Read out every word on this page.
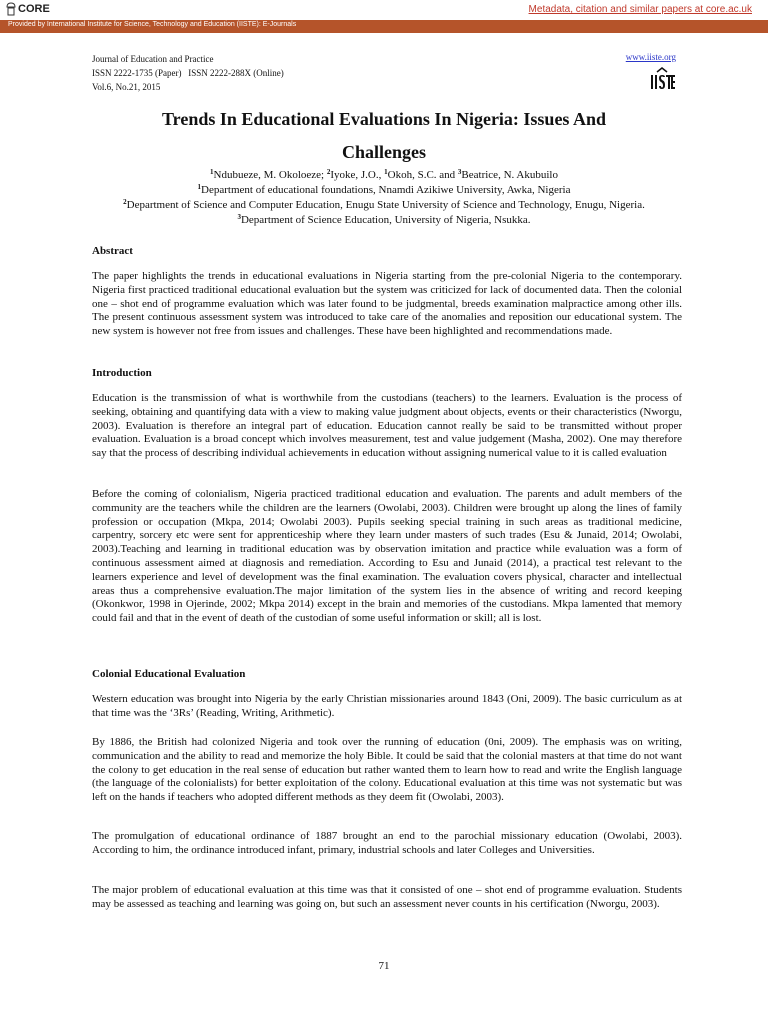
CORE	Metadata, citation and similar papers at core.ac.uk
Provided by International Institute for Science, Technology and Education (IISTE): E-Journals
Journal of Education and Practice
ISSN 2222-1735 (Paper)   ISSN 2222-288X (Online)
Vol.6, No.21, 2015
www.iiste.org
Trends In Educational Evaluations In Nigeria: Issues And
Challenges
$^1$Ndubueze, M. Okoloeze; $^2$Iyoke, J.O., $^1$Okoh, S.C. and $^3$Beatrice, N. Akubuilo
$^1$Department of educational foundations, Nnamdi Azikiwe University, Awka, Nigeria
$^2$Department of Science and Computer Education, Enugu State University of Science and Technology, Enugu, Nigeria.
$^3$Department of Science Education, University of Nigeria, Nsukka.
Abstract
The paper highlights the trends in educational evaluations in Nigeria starting from the pre-colonial Nigeria to the contemporary. Nigeria first practiced traditional educational evaluation but the system was criticized for lack of documented data. Then the colonial one – shot end of programme evaluation which was later found to be judgmental, breeds examination malpractice among other ills. The present continuous assessment system was introduced to take care of the anomalies and reposition our educational system. The new system is however not free from issues and challenges. These have been highlighted and recommendations made.
Introduction
Education is the transmission of what is worthwhile from the custodians (teachers) to the learners. Evaluation is the process of seeking, obtaining and quantifying data with a view to making value judgment about objects, events or their characteristics (Nworgu, 2003). Evaluation is therefore an integral part of education. Education cannot really be said to be transmitted without proper evaluation. Evaluation is a broad concept which involves measurement, test and value judgement (Masha, 2002). One may therefore say that the process of describing individual achievements in education without assigning numerical value to it is called evaluation
Before the coming of colonialism, Nigeria practiced traditional education and evaluation. The parents and adult members of the community are the teachers while the children are the learners (Owolabi, 2003). Children were brought up along the lines of family profession or occupation (Mkpa, 2014; Owolabi 2003). Pupils seeking special training in such areas as traditional medicine, carpentry, sorcery etc were sent for apprenticeship where they learn under masters of such trades (Esu & Junaid, 2014; Owolabi, 2003).Teaching and learning in traditional education was by observation imitation and practice while evaluation was a form of continuous assessment aimed at diagnosis and remediation. According to Esu and Junaid (2014), a practical test relevant to the learners experience and level of development was the final examination. The evaluation covers physical, character and intellectual areas thus a comprehensive evaluation.The major limitation of the system lies in the absence of writing and record keeping (Okonkwor, 1998 in Ojerinde, 2002; Mkpa 2014) except in the brain and memories of the custodians. Mkpa lamented that memory could fail and that in the event of death of the custodian of some useful information or skill; all is lost.
Colonial Educational Evaluation
Western education was brought into Nigeria by the early Christian missionaries around 1843 (Oni, 2009). The basic curriculum as at that time was the ‘3Rs’ (Reading, Writing, Arithmetic).
By 1886, the British had colonized Nigeria and took over the running of education (0ni, 2009). The emphasis was on writing, communication and the ability to read and memorize the holy Bible. It could be said that the colonial masters at that time do not want the colony to get education in the real sense of education but rather wanted them to learn how to read and write the English language (the language of the colonialists) for better exploitation of the colony. Educational evaluation at this time was not systematic but was left on the hands if teachers who adopted different methods as they deem fit (Owolabi, 2003).
The promulgation of educational ordinance of 1887 brought an end to the parochial missionary education (Owolabi, 2003). According to him, the ordinance introduced infant, primary, industrial schools and later Colleges and Universities.
The major problem of educational evaluation at this time was that it consisted of one – shot end of programme evaluation. Students may be assessed as teaching and learning was going on, but such an assessment never counts in his certification (Nworgu, 2003).
71
